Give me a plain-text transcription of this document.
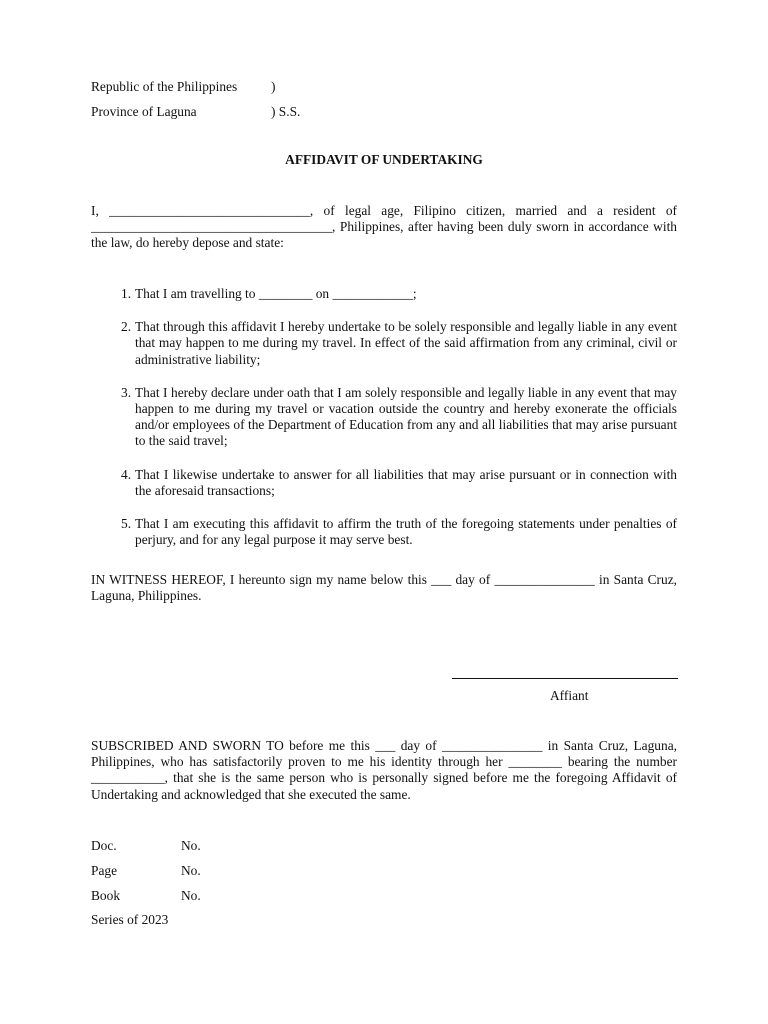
Republic of the Philippines	)
Province of Laguna	) S.S.
AFFIDAVIT OF UNDERTAKING

I, ______________________________, of legal age, Filipino citizen, married and a resident of ____________________________________, Philippines, after having been duly sworn in accordance with the law, do hereby depose and state:

1. That I am travelling to ________ on ____________;
2. That through this affidavit I hereby undertake to be solely responsible and legally liable in any event that may happen to me during my travel. In effect of the said affirmation from any criminal, civil or administrative liability;
3. That I hereby declare under oath that I am solely responsible and legally liable in any event that may happen to me during my travel or vacation outside the country and hereby exonerate the officials and/or employees of the Department of Education from any and all liabilities that may arise pursuant to the said travel;
4. That I likewise undertake to answer for all liabilities that may arise pursuant or in connection with the aforesaid transactions;
5. That I am executing this affidavit to affirm the truth of the foregoing statements under penalties of perjury, and for any legal purpose it may serve best.

IN WITNESS HEREOF, I hereunto sign my name below this ___ day of _______________ in Santa Cruz, Laguna, Philippines.

Affiant

SUBSCRIBED AND SWORN TO before me this ___ day of _______________ in Santa Cruz, Laguna, Philippines, who has satisfactorily proven to me his identity through her ________ bearing the number ___________, that she is the same person who is personally signed before me the foregoing Affidavit of Undertaking and acknowledged that she executed the same.

Doc.	No.
Page	No.
Book	No.
Series of 2023
